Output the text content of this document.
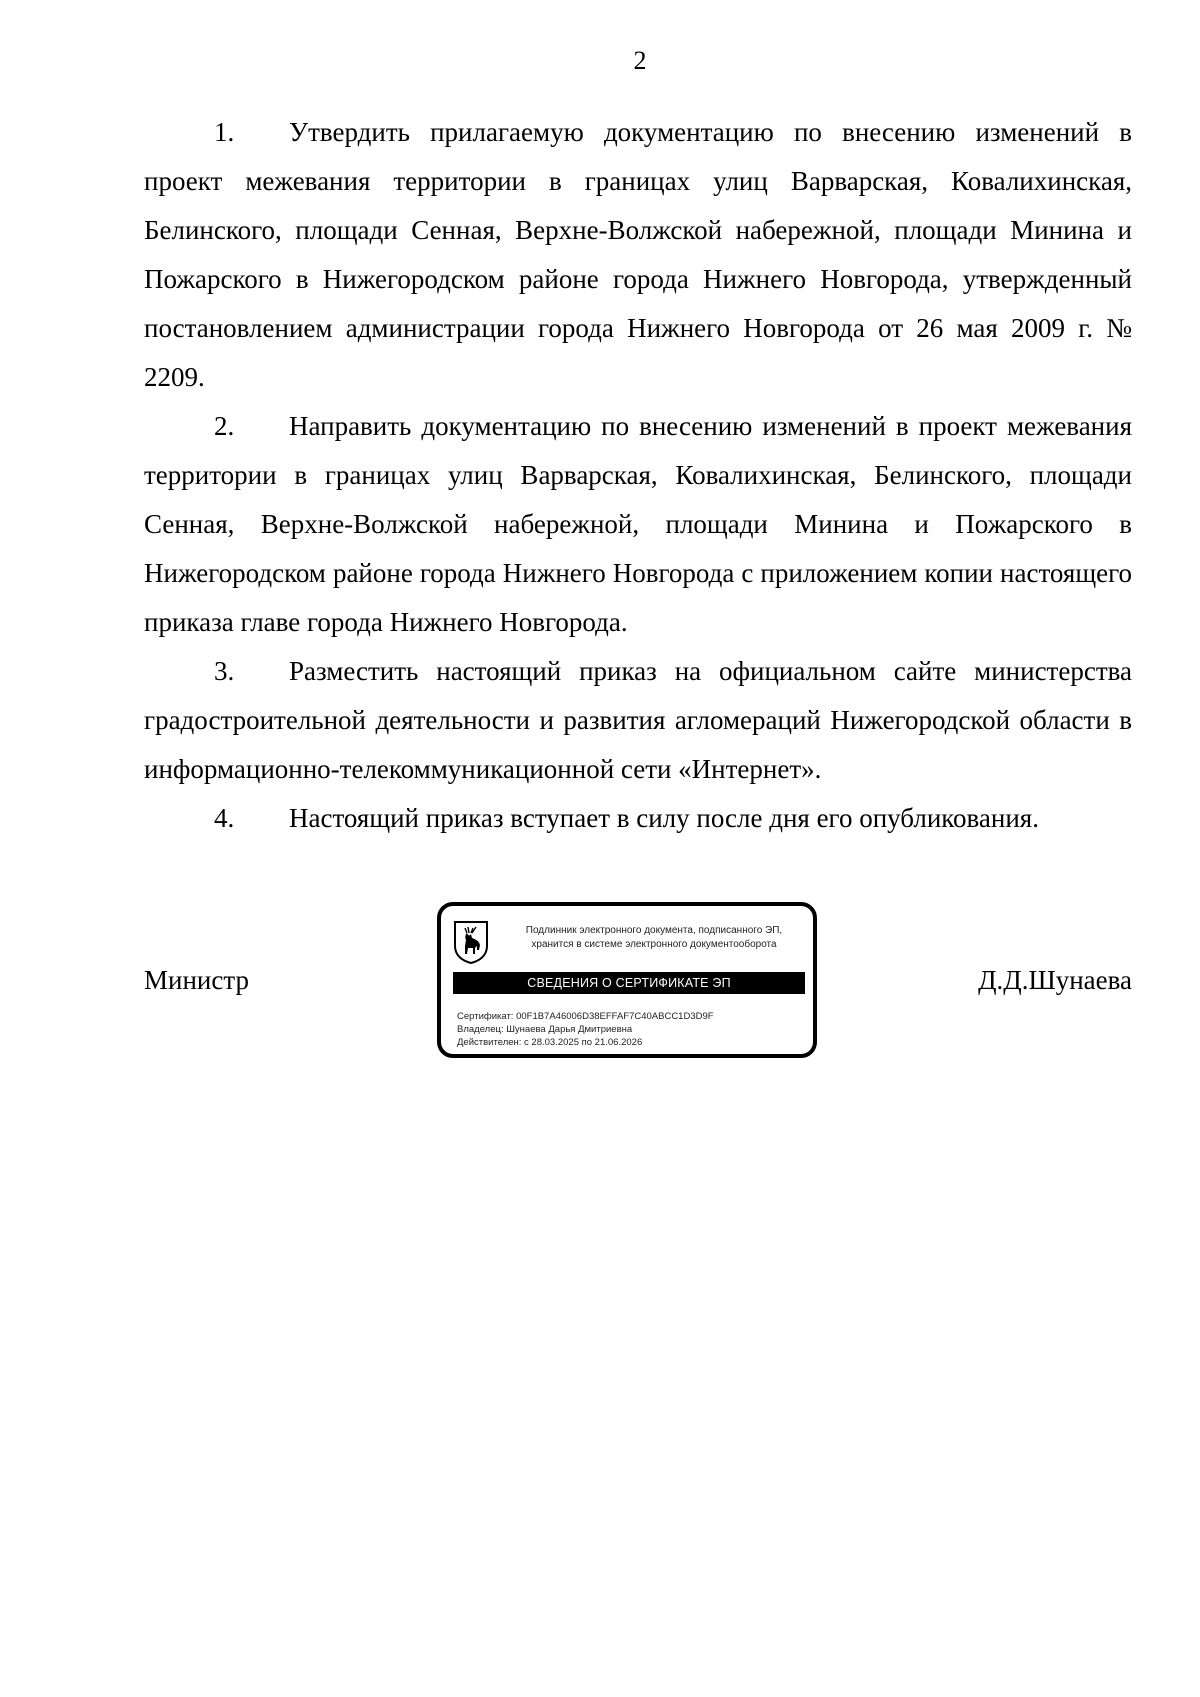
2

1. Утвердить прилагаемую документацию по внесению изменений в проект межевания территории в границах улиц Варварская, Ковалихинская, Белинского, площади Сенная, Верхне-Волжской набережной, площади Минина и Пожарского в Нижегородском районе города Нижнего Новгорода, утвержденный постановлением администрации города Нижнего Новгорода от 26 мая 2009 г. № 2209.

2. Направить документацию по внесению изменений в проект межевания территории в границах улиц Варварская, Ковалихинская, Белинского, площади Сенная, Верхне-Волжской набережной, площади Минина и Пожарского в Нижегородском районе города Нижнего Новгорода с приложением копии настоящего приказа главе города Нижнего Новгорода.

3. Разместить настоящий приказ на официальном сайте министерства градостроительной деятельности и развития агломераций Нижегородской области в информационно-телекоммуникационной сети «Интернет».

4. Настоящий приказ вступает в силу после дня его опубликования.

Министр	Д.Д.Шунаева
Подлинник электронного документа, подписанного ЭП,
хранится в системе электронного документооборота
СВЕДЕНИЯ О СЕРТИФИКАТЕ ЭП
Сертификат: 00F1B7A46006D38EFFAF7C40ABCC1D3D9F
Владелец: Шунаева Дарья Дмитриевна
Действителен: с 28.03.2025 по 21.06.2026
